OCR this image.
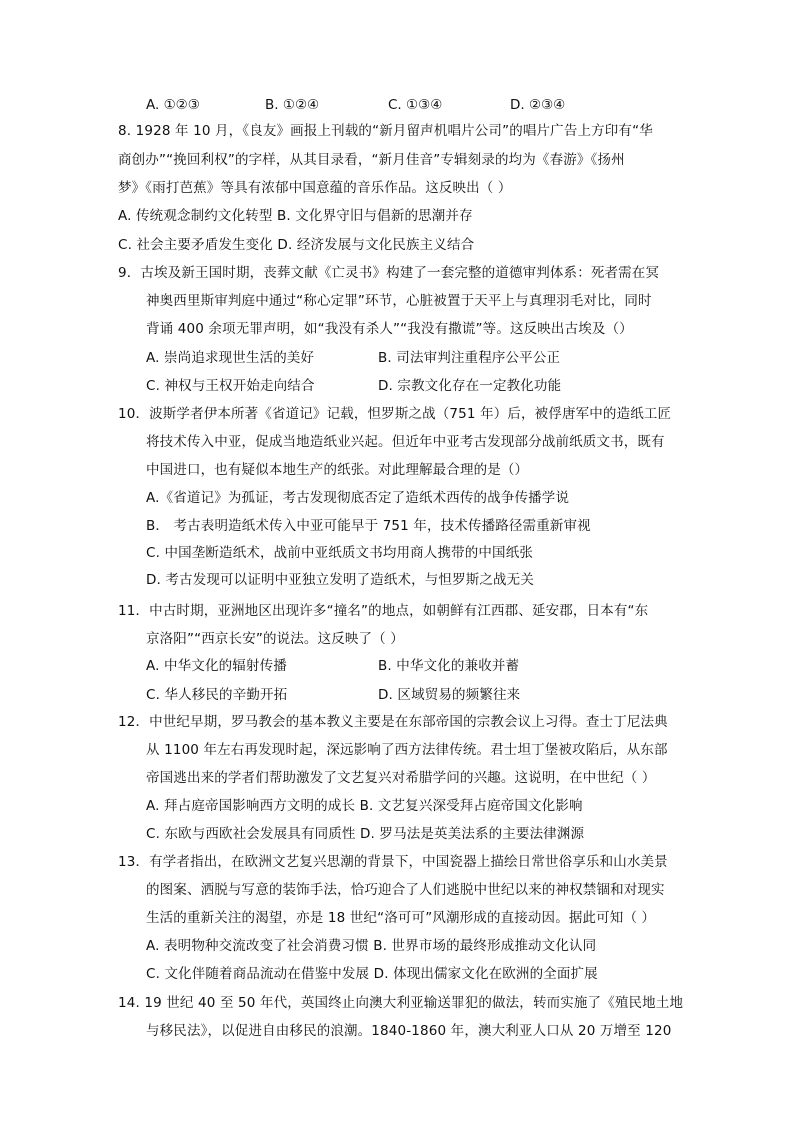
A. ①②③	B. ①②④	C. ①③④	D. ②③④
8. 1928 年 10 月，《良友》画报上刊载的“新月留声机唱片公司”的唱片广告上方印有“华
商创办”“挽回利权”的字样，从其目录看，“新月佳音”专辑刻录的均为《春游》《扬州
梦》《雨打芭蕉》等具有浓郁中国意蕴的音乐作品。这反映出（ ）
A. 传统观念制约文化转型 B. 文化界守旧与倡新的思潮并存
C. 社会主要矛盾发生变化 D. 经济发展与文化民族主义结合
9．古埃及新王国时期，丧葬文献《亡灵书》构建了一套完整的道德审判体系：死者需在冥
神奥西里斯审判庭中通过“称心定罪”环节，心脏被置于天平上与真理羽毛对比，同时
背诵 400 余项无罪声明，如“我没有杀人”“我没有撒谎”等。这反映出古埃及（）
A. 崇尚追求现世生活的美好	B. 司法审判注重程序公平公正
C. 神权与王权开始走向结合	D. 宗教文化存在一定教化功能
10．波斯学者伊本所著《省道记》记载，怛罗斯之战（751 年）后，被俘唐军中的造纸工匠
将技术传入中亚，促成当地造纸业兴起。但近年中亚考古发现部分战前纸质文书，既有
中国进口，也有疑似本地生产的纸张。对此理解最合理的是（）
A.《省道记》为孤证，考古发现彻底否定了造纸术西传的战争传播学说
B． 考古表明造纸术传入中亚可能早于 751 年，技术传播路径需重新审视
C. 中国垄断造纸术，战前中亚纸质文书均用商人携带的中国纸张
D. 考古发现可以证明中亚独立发明了造纸术，与怛罗斯之战无关
11．中古时期，亚洲地区出现许多“撞名”的地点，如朝鲜有江西郡、延安郡，日本有“东
京洛阳”“西京长安”的说法。这反映了（ ）
A. 中华文化的辐射传播	B. 中华文化的兼收并蓄
C. 华人移民的辛勤开拓	D. 区域贸易的频繁往来
12．中世纪早期，罗马教会的基本教义主要是在东部帝国的宗教会议上习得。查士丁尼法典
从 1100 年左右再发现时起，深远影响了西方法律传统。君士坦丁堡被攻陷后，从东部
帝国逃出来的学者们帮助激发了文艺复兴对希腊学问的兴趣。这说明，在中世纪（ ）
A. 拜占庭帝国影响西方文明的成长 B. 文艺复兴深受拜占庭帝国文化影响
C. 东欧与西欧社会发展具有同质性 D. 罗马法是英美法系的主要法律渊源
13．有学者指出，在欧洲文艺复兴思潮的背景下，中国瓷器上描绘日常世俗享乐和山水美景
的图案、洒脱与写意的装饰手法，恰巧迎合了人们逃脱中世纪以来的神权禁锢和对现实
生活的重新关注的渴望，亦是 18 世纪“洛可可”风潮形成的直接动因。据此可知（ ）
A. 表明物种交流改变了社会消费习惯 B. 世界市场的最终形成推动文化认同
C. 文化伴随着商品流动在借鉴中发展 D. 体现出儒家文化在欧洲的全面扩展
14. 19 世纪 40 至 50 年代，英国终止向澳大利亚输送罪犯的做法，转而实施了《殖民地土地
与移民法》，以促进自由移民的浪潮。1840-1860 年，澳大利亚人口从 20 万增至 120
